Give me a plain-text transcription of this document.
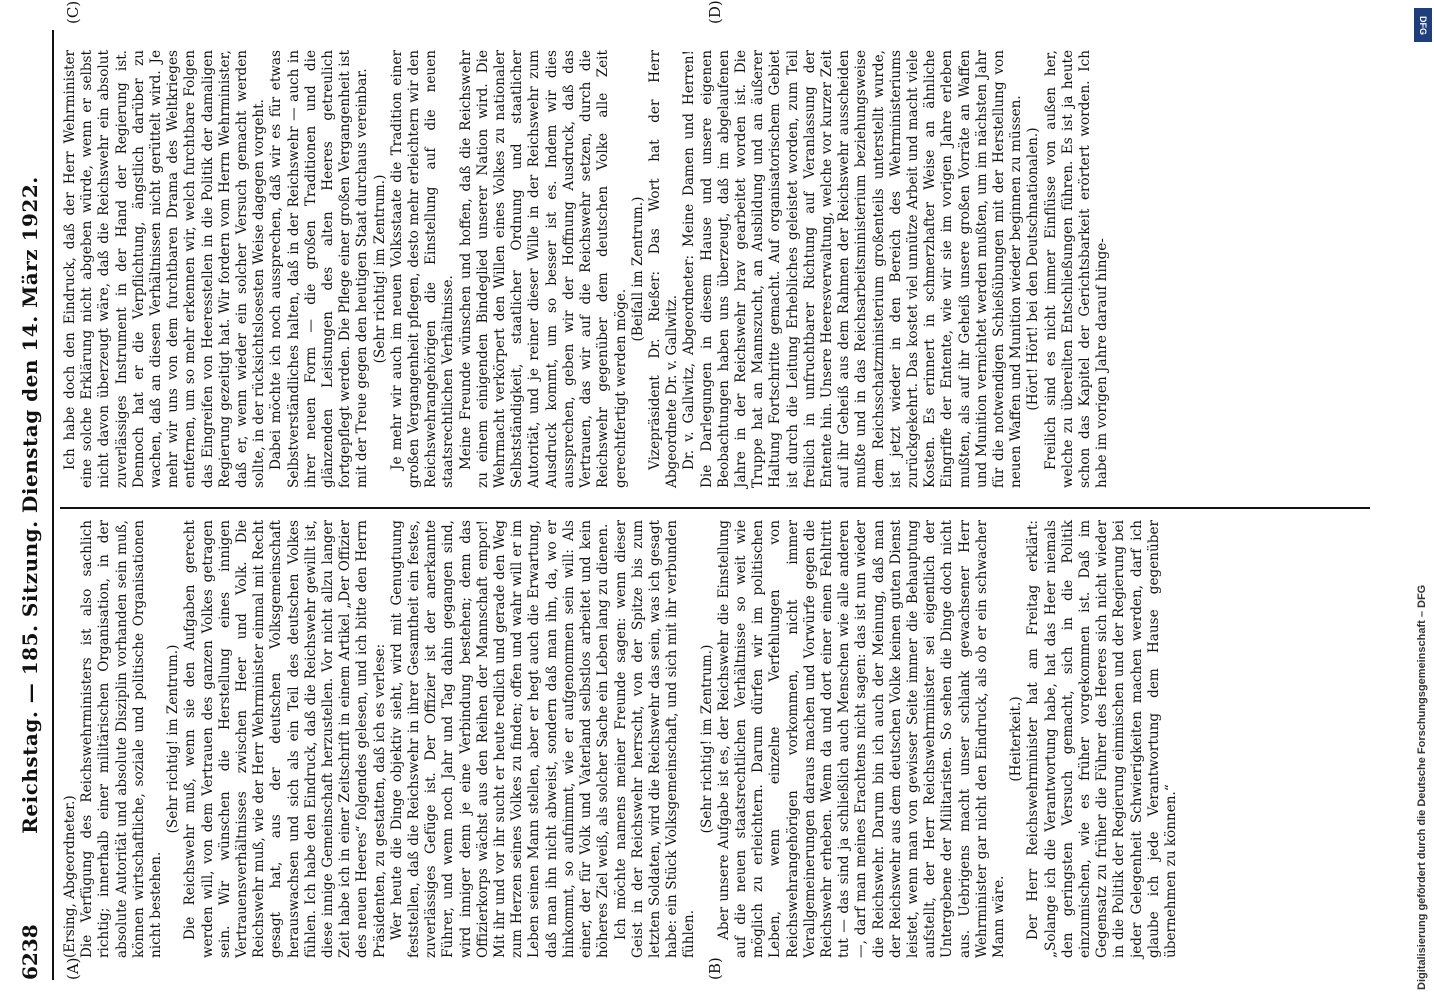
6238
Reichstag. — 185. Sitzung. Dienstag den 14. März 1922.
(A)	(B)
(C)	(D)

(Ersing, Abgeordneter.) Die Verfügung des Reichswehrministers ist also sachlich richtig; innerhalb einer militärischen Organisation, in der absolute Autorität und absolute Disziplin vorhanden sein muß, können wirtschaftliche, soziale und politische Organisationen nicht bestehen.

(Sehr richtig! im Zentrum.) Die Reichswehr muß, wenn sie den Aufgaben gerecht werden will, von dem Vertrauen des ganzen Volkes getragen sein. Wir wünschen die Herstellung eines innigen Vertrauensverhältnisses zwischen Heer und Volk. Die Reichswehr muß, wie der Herr Wehrminister einmal mit Recht gesagt hat, aus der deutschen Volksgemeinschaft herauswachsen und sich als ein Teil des deutschen Volkes fühlen. Ich habe den Eindruck, daß die Reichswehr gewillt ist, diese innige Gemeinschaft herzustellen. Vor nicht allzu langer Zeit habe ich in einer Zeitschrift in einem Artikel „Der Offizier des neuen Heeres“ folgendes gelesen, und ich bitte den Herrn Präsidenten, zu gestatten, daß ich es verlese: Wer heute die Dinge objektiv sieht, wird mit Genugtuung feststellen, daß die Reichswehr in ihrer Gesamtheit ein festes, zuverlässiges Gefüge ist. Der Offizier ist der anerkannte Führer, und wenn noch Jahr und Tag dahin gegangen sind, wird inniger denn je eine Verbindung bestehen; denn das Offizierkorps wächst aus den Reihen der Mannschaft empor! Mit ihr und vor ihr sucht er heute redlich und gerade den Weg zum Herzen seines Volkes zu finden; offen und wahr will er im Leben seinen Mann stellen, aber er hegt auch die Erwartung, daß man ihn nicht abweist, sondern daß man ihn, da, wo er hinkommt, so aufnimmt, wie er aufgenommen sein will: Als einer, der für Volk und Vaterland selbstlos arbeitet und kein höheres Ziel weiß, als solcher Sache ein Leben lang zu dienen. Ich möchte namens meiner Freunde sagen: wenn dieser Geist in der Reichswehr herrscht, von der Spitze bis zum letzten Soldaten, wird die Reichswehr das sein, was ich gesagt habe: ein Stück Volksgemeinschaft, und sich mit ihr verbunden fühlen.

(Sehr richtig! im Zentrum.) Aber unsere Aufgabe ist es, der Reichswehr die Einstellung auf die neuen staatsrechtlichen Verhältnisse so weit wie möglich zu erleichtern. Darum dürfen wir im politischen Leben, wenn einzelne Verfehlungen von Reichswehrangehörigen vorkommen, nicht immer Verallgemeinerungen daraus machen und Vorwürfe gegen die Reichswehr erheben. Wenn da und dort einer einen Fehltritt tut — das sind ja schließlich auch Menschen wie alle anderen —, darf man meines Erachtens nicht sagen: das ist nun wieder die Reichswehr. Darum bin ich auch der Meinung, daß man der Reichswehr aus dem deutschen Volke keinen guten Dienst leistet, wenn man von gewisser Seite immer die Behauptung aufstellt, der Herr Reichswehrminister sei eigentlich der Untergebene der Militaristen. So sehen die Dinge doch nicht aus. Uebrigens macht unser schlank gewachsener Herr Wehrminister gar nicht den Eindruck, als ob er ein schwacher Mann wäre.

(Heiterkeit.) Der Herr Reichswehrminister hat am Freitag erklärt: „Solange ich die Verantwortung habe, hat das Heer niemals den geringsten Versuch gemacht, sich in die Politik einzumischen, wie es früher vorgekommen ist. Daß im Gegensatz zu früher die Führer des Heeres sich nicht wieder in die Politik der Regierung einmischen und der Regierung bei jeder Gelegenheit Schwierigkeiten machen werden, darf ich glaube ich jede Verantwortung dem Hause gegenüber übernehmen zu können.“

Ich habe doch den Eindruck, daß der Herr Wehrminister eine solche Erklärung nicht abgeben würde, wenn er selbst nicht davon überzeugt wäre, daß die Reichswehr ein absolut zuverlässiges Instrument in der Hand der Regierung ist. Dennoch hat er die Verpflichtung, ängstlich darüber zu wachen, daß an diesen Verhältnissen nicht gerüttelt wird. Je mehr wir uns von dem furchtbaren Drama des Weltkrieges entfernen, um so mehr erkennen wir, welch furchtbare Folgen das Eingreifen von Heeresstellen in die Politik der damaligen Regierung gezeitigt hat. Wir fordern vom Herrn Wehrminister, daß er, wenn wieder ein solcher Versuch gemacht werden sollte, in der rücksichtslosesten Weise dagegen vorgeht. Dabei möchte ich noch aussprechen, daß wir es für etwas Selbstverständliches halten, daß in der Reichswehr — auch in ihrer neuen Form — die großen Traditionen und die glänzenden Leistungen des alten Heeres getreulich fortgepflegt werden. Die Pflege einer großen Vergangenheit ist mit der Treue gegen den heutigen Staat durchaus vereinbar. (Sehr richtig! im Zentrum.) Je mehr wir auch im neuen Volksstaate die Tradition einer großen Vergangenheit pflegen, desto mehr erleichtern wir den Reichswehrangehörigen die Einstellung auf die neuen staatsrechtlichen Verhältnisse. Meine Freunde wünschen und hoffen, daß die Reichswehr zu einem einigenden Bindeglied unserer Nation wird. Die Wehrmacht verkörpert den Willen eines Volkes zu nationaler Selbstständigkeit, staatlicher Ordnung und staatlicher Autorität, und je reiner dieser Wille in der Reichswehr zum Ausdruck kommt, um so besser ist es. Indem wir dies aussprechen, geben wir der Hoffnung Ausdruck, daß das Vertrauen, das wir auf die Reichswehr setzen, durch die Reichswehr gegenüber dem deutschen Volke alle Zeit gerechtfertigt werden möge.

(Beifall im Zentrum.) Vizepräsident Dr. Rießer: Das Wort hat der Herr Abgeordnete Dr. v. Gallwitz. Dr. v. Gallwitz, Abgeordneter: Meine Damen und Herren! Die Darlegungen in diesem Hause und unsere eigenen Beobachtungen haben uns überzeugt, daß im abgelaufenen Jahre in der Reichswehr brav gearbeitet worden ist. Die Truppe hat an Mannszucht, an Ausbildung und an äußerer Haltung Fortschritte gemacht. Auf organisatorischem Gebiet ist durch die Leitung Erhebliches geleistet worden, zum Teil freilich in unfruchtbarer Richtung auf Veranlassung der Entente hin. Unsere Heeresverwaltung, welche vor kurzer Zeit auf ihr Geheiß aus dem Rahmen der Reichswehr ausscheiden mußte und in das Reichsarbeitsministerium beziehungsweise dem Reichsschatzministerium großenteils unterstellt wurde, ist jetzt wieder in den Bereich des Wehrministeriums zurückgekehrt. Das kostet viel unnütze Arbeit und macht viele Kosten. Es erinnert in schmerzhafter Weise an ähnliche Eingriffe der Entente, wie wir sie im vorigen Jahre erleben mußten, als auf ihr Geheiß unsere großen Vorräte an Waffen und Munition vernichtet werden mußten, um im nächsten Jahr für die notwendigen Schießübungen mit der Herstellung von neuen Waffen und Munition wieder beginnen zu müssen. (Hört! Hört! bei den Deutschnationalen.) Freilich sind es nicht immer Einflüsse von außen her, welche zu übereilten Entschließungen führen. Es ist ja heute schon das Kapitel der Gerichtsbarkeit erörtert worden. Ich habe im vorigen Jahre darauf hinge-

Digitalisierung gefördert durch die Deutsche Forschungsgemeinschaft – DFG
DFG
